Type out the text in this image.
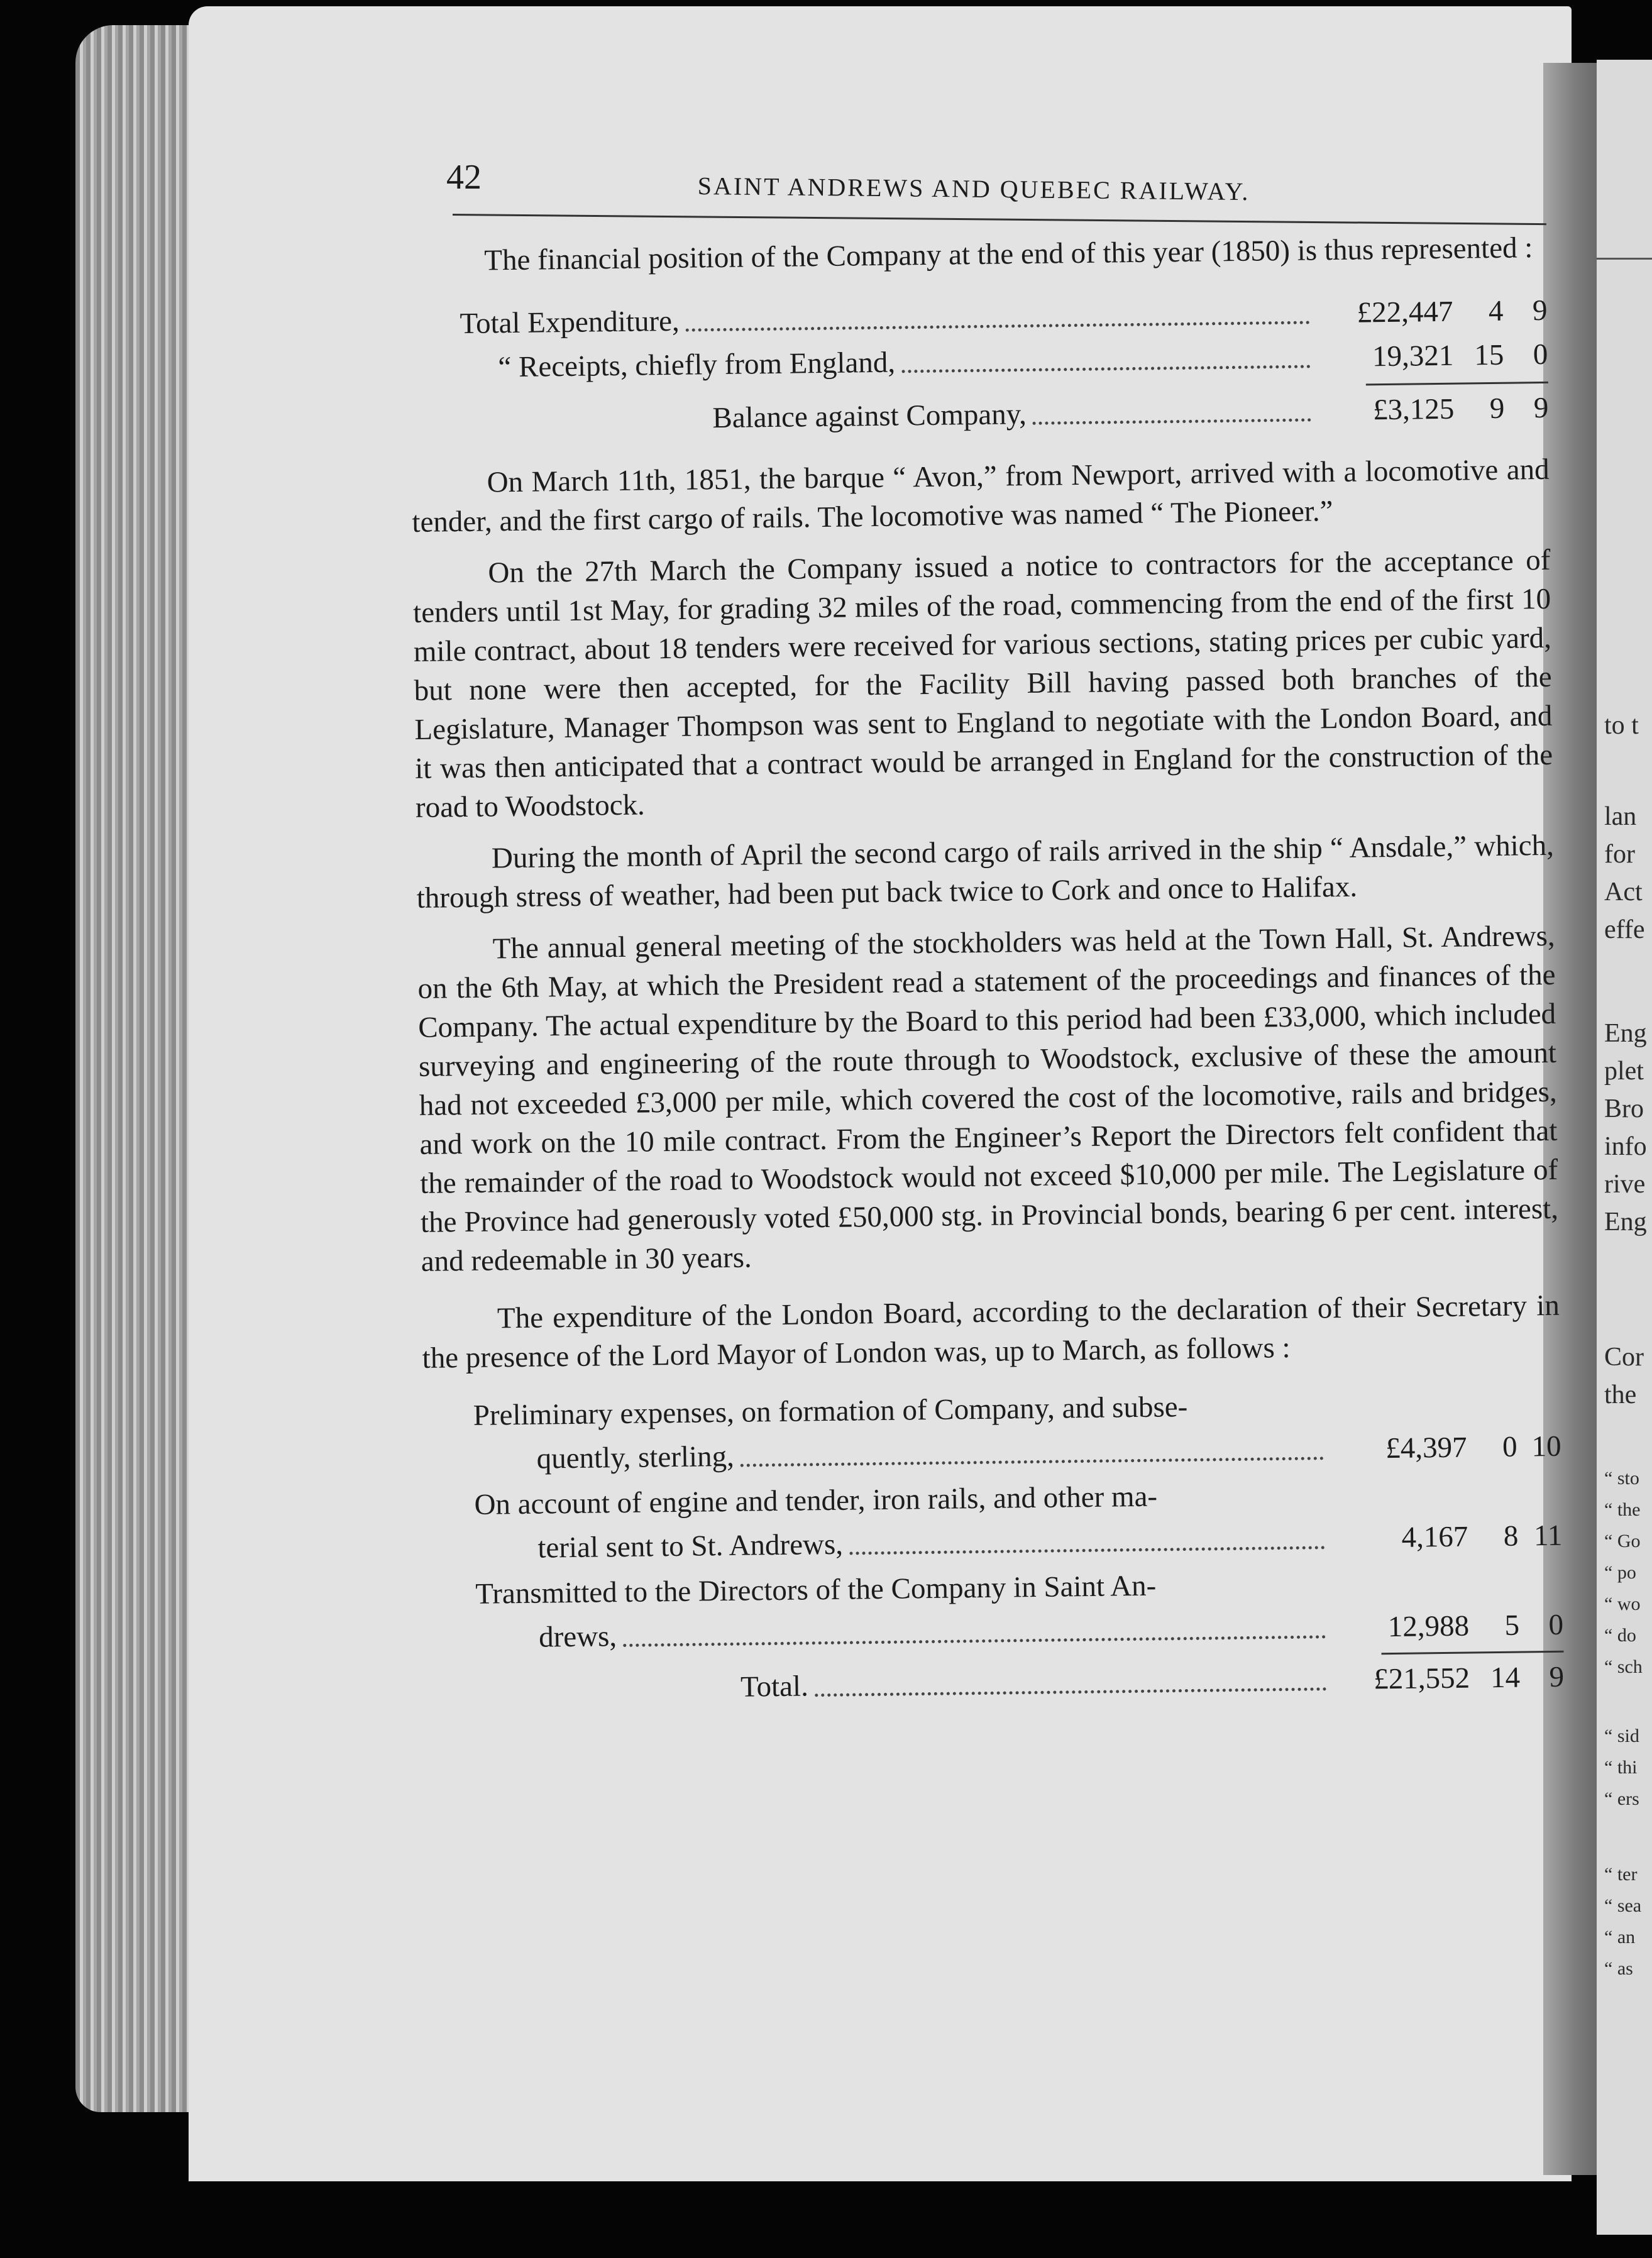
to t
lan
for
Act
effe
Eng
plet
Bro
info
rive
Eng
Cor
the
“ sto
“ the
“ Go
“ po
“ wo
“ do
“ sch
“ sid
“ thi
“ ers
“ ter
“ sea
“ an
“ as
42	SAINT ANDREWS AND QUEBEC RAILWAY.

The financial position of the Company at the end of this year (1850) is thus represented :

Total Expenditure,	£22,447	4 9
“ Receipts, chiefly from England,	19,321 15 0
Balance against Company,	£3,125	9 9

On March 11th, 1851, the barque “ Avon,” from Newport, arrived with a locomotive and tender, and the first cargo of rails. The locomotive was named “ The Pioneer.”

On the 27th March the Company issued a notice to contractors for the acceptance of tenders until 1st May, for grading 32 miles of the road, commencing from the end of the first 10 mile contract, about 18 tenders were received for various sections, stating prices per cubic yard, but none were then accepted, for the Facility Bill having passed both branches of the Legislature, Manager Thompson was sent to England to negotiate with the London Board, and it was then anticipated that a contract would be arranged in England for the construction of the road to Woodstock.

During the month of April the second cargo of rails arrived in the ship “ Ansdale,” which, through stress of weather, had been put back twice to Cork and once to Halifax.

The annual general meeting of the stockholders was held at the Town Hall, St. Andrews, on the 6th May, at which the President read a statement of the proceedings and finances of the Company. The actual expenditure by the Board to this period had been £33,000, which included surveying and engineering of the route through to Woodstock, exclusive of these the amount had not exceeded £3,000 per mile, which covered the cost of the locomotive, rails and bridges, and work on the 10 mile contract. From the Engineer’s Report the Directors felt confident that the remainder of the road to Woodstock would not exceed $10,000 per mile. The Legislature of the Province had generously voted £50,000 stg. in Provincial bonds, bearing 6 per cent. interest, and redeemable in 30 years.

The expenditure of the London Board, according to the declaration of their Secretary in the presence of the Lord Mayor of London was, up to March, as follows :

Preliminary expenses, on formation of Company, and subse-
quently, sterling,	£4,397	0 10
On account of engine and tender, iron rails, and other ma-
terial sent to St. Andrews,	4,167	8 11
Transmitted to the Directors of the Company in Saint An-
drews,	12,988	5 0
Total.	£21,552 14 9
